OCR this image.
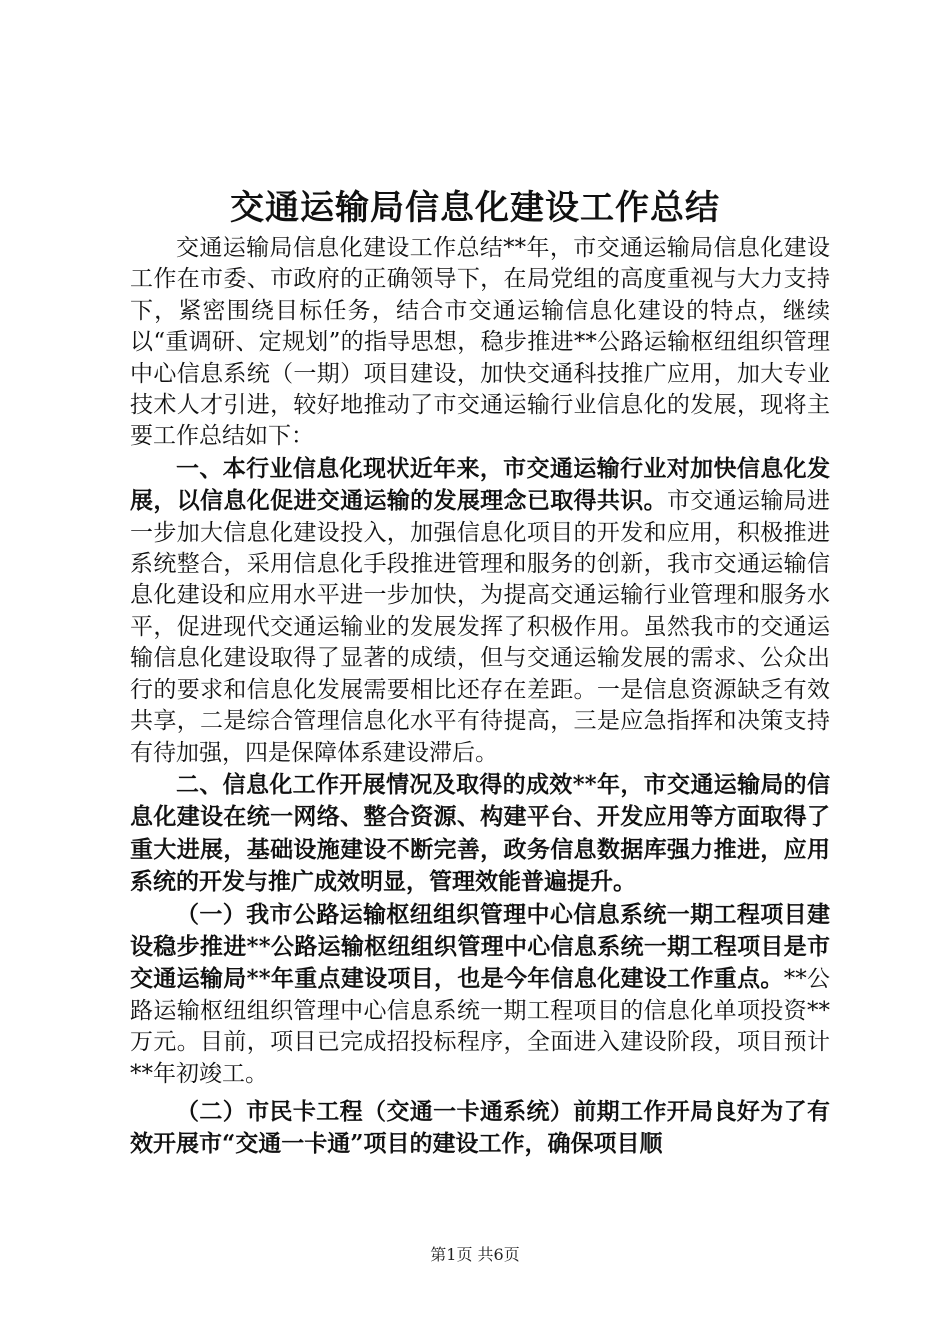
交通运输局信息化建设工作总结

交通运输局信息化建设工作总结**年，市交通运输局信息化建设工作在市委、市政府的正确领导下，在局党组的高度重视与大力支持下，紧密围绕目标任务，结合市交通运输信息化建设的特点，继续以“重调研、定规划”的指导思想，稳步推进**公路运输枢纽组织管理中心信息系统（一期）项目建设，加快交通科技推广应用，加大专业技术人才引进，较好地推动了市交通运输行业信息化的发展，现将主要工作总结如下：

一、本行业信息化现状近年来，市交通运输行业对加快信息化发展，以信息化促进交通运输的发展理念已取得共识。市交通运输局进一步加大信息化建设投入，加强信息化项目的开发和应用，积极推进系统整合，采用信息化手段推进管理和服务的创新，我市交通运输信息化建设和应用水平进一步加快，为提高交通运输行业管理和服务水平，促进现代交通运输业的发展发挥了积极作用。虽然我市的交通运输信息化建设取得了显著的成绩，但与交通运输发展的需求、公众出行的要求和信息化发展需要相比还存在差距。一是信息资源缺乏有效共享，二是综合管理信息化水平有待提高，三是应急指挥和决策支持有待加强，四是保障体系建设滞后。

二、信息化工作开展情况及取得的成效**年，市交通运输局的信息化建设在统一网络、整合资源、构建平台、开发应用等方面取得了重大进展，基础设施建设不断完善，政务信息数据库强力推进，应用系统的开发与推广成效明显，管理效能普遍提升。

（一）我市公路运输枢纽组织管理中心信息系统一期工程项目建设稳步推进**公路运输枢纽组织管理中心信息系统一期工程项目是市交通运输局**年重点建设项目，也是今年信息化建设工作重点。**公路运输枢纽组织管理中心信息系统一期工程项目的信息化单项投资**万元。目前，项目已完成招投标程序，全面进入建设阶段，项目预计**年初竣工。

（二）市民卡工程（交通一卡通系统）前期工作开局良好为了有效开展市“交通一卡通”项目的建设工作，确保项目顺

第1页 共6页
